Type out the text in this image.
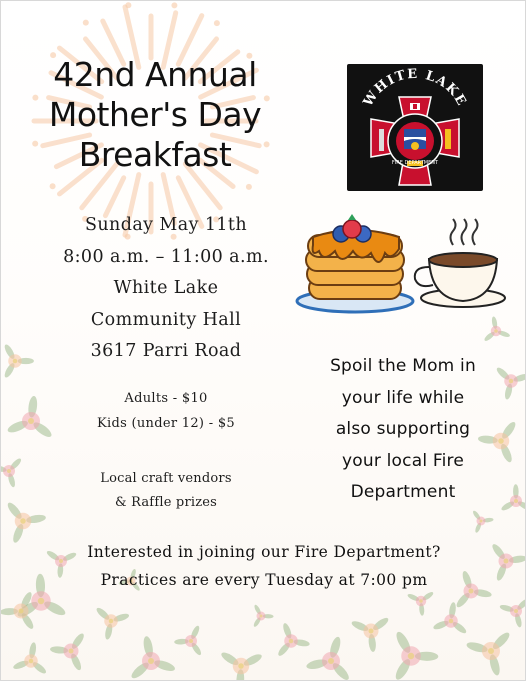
42nd Annual
Mother's Day
Breakfast
WHITE LAKE
FIRE DEPARTMENT
Sunday May 11th
8:00 a.m. – 11:00 a.m.
White Lake
Community Hall
3617 Parri Road
Adults - $10
Kids (under 12) - $5
Local craft vendors
& Raffle prizes
Spoil the Mom in
your life while
also supporting
your local Fire
Department
Interested in joining our Fire Department?
Practices are every Tuesday at 7:00 pm
